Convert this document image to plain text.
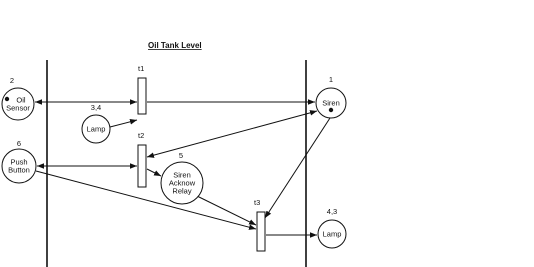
Oil Tank Level
t1
t2
t3
2
Oil
Sensor	3,4
Lamp
6
Push
Button
5
Siren
Acknow
Relay
1
Siren
4,3
Lamp
